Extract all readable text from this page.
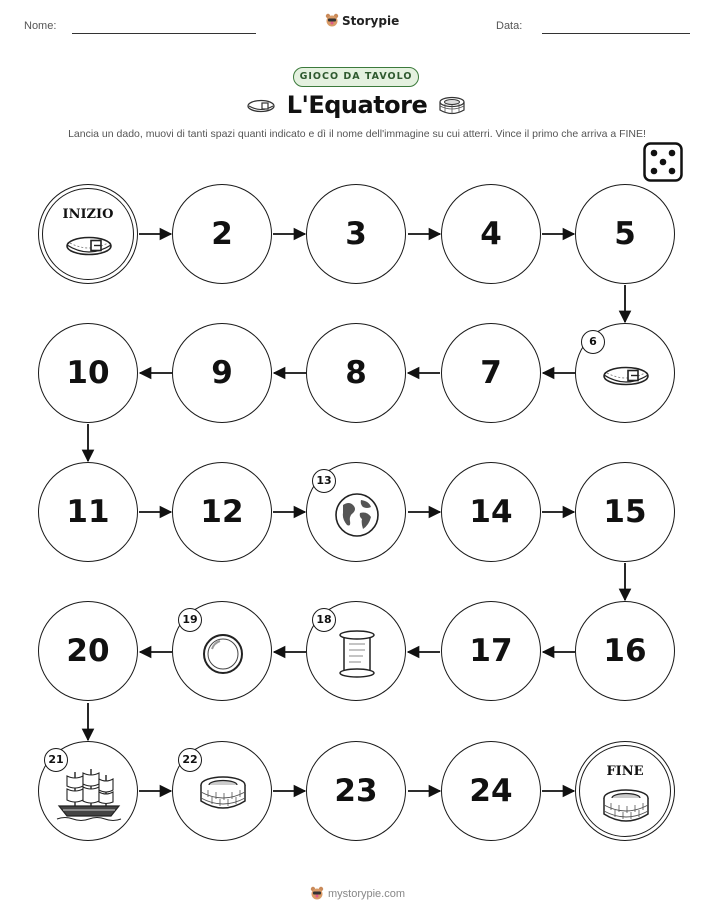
Nome:	Data:
Storypie
GIOCO DA TAVOLO
L'Equatore
Lancia un dado, muovi di tanti spazi quanti indicato e dì il nome dell'immagine su cui atterri. Vince il primo che arriva a FINE!
FINE
24
23
20	17	16
15
14
12
11
10	9	8	7
5
4
3
2
INIZIO
6
13
18
19
21	22
mystorypie.com
